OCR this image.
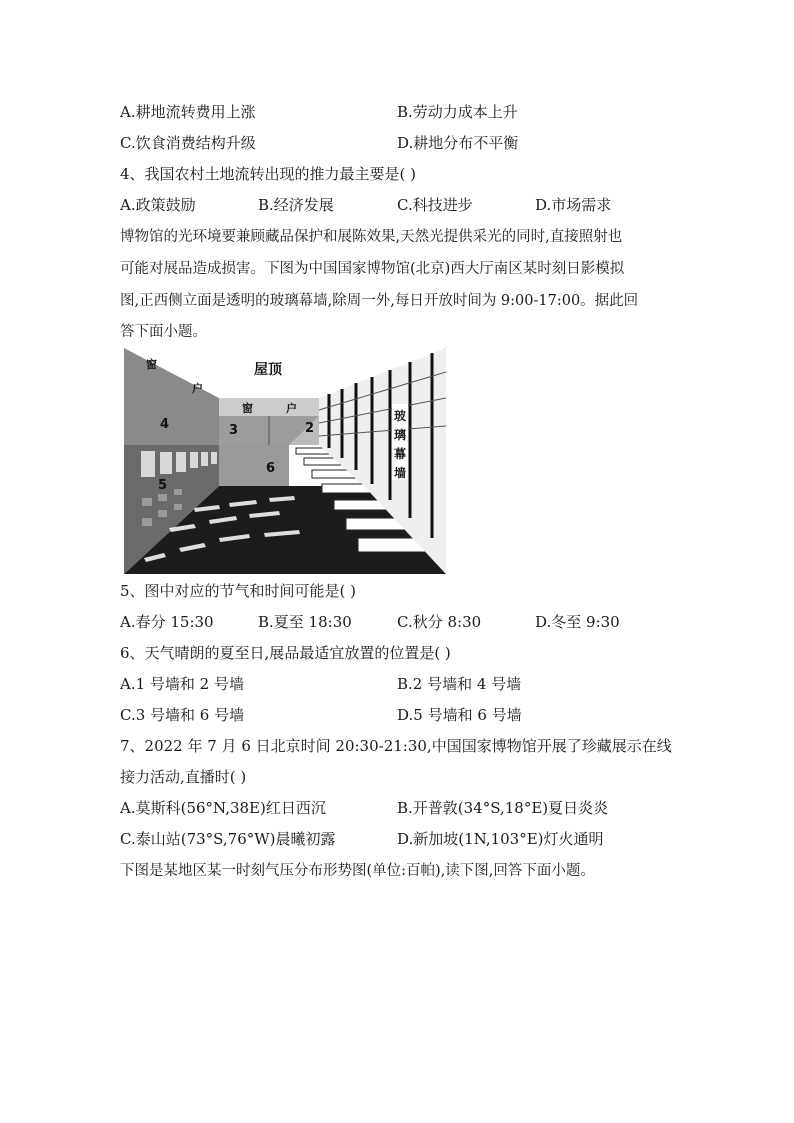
A.耕地流转费用上涨	B.劳动力成本上升
C.饮食消费结构升级	D.耕地分布不平衡
4、我国农村土地流转出现的推力最主要是( )
A.政策鼓励	B.经济发展	C.科技进步	D.市场需求
博物馆的光环境要兼顾藏品保护和展陈效果,天然光提供采光的同时,直接照射也
可能对展品造成损害。下图为中国国家博物馆(北京)西大厅南区某时刻日影模拟
图,正西侧立面是透明的玻璃幕墙,除周一外,每日开放时间为 9:00-17:00。据此回
答下面小题。
屋顶
窗
户
窗	户
3	2
4
5
6
玻
璃
幕
墙
5、图中对应的节气和时间可能是( )
A.春分 15:30	B.夏至 18:30	C.秋分 8:30	D.冬至 9:30
6、天气晴朗的夏至日,展品最适宜放置的位置是( )
A.1 号墙和 2 号墙	B.2 号墙和 4 号墙
C.3 号墙和 6 号墙	D.5 号墙和 6 号墙
7、2022 年 7 月 6 日北京时间 20:30-21:30,中国国家博物馆开展了珍藏展示在线
接力活动,直播时( )
A.莫斯科(56°N,38E)红日西沉	B.开普敦(34°S,18°E)夏日炎炎
C.泰山站(73°S,76°W)晨曦初露	D.新加坡(1N,103°E)灯火通明
下图是某地区某一时刻气压分布形势图(单位:百帕),读下图,回答下面小题。
